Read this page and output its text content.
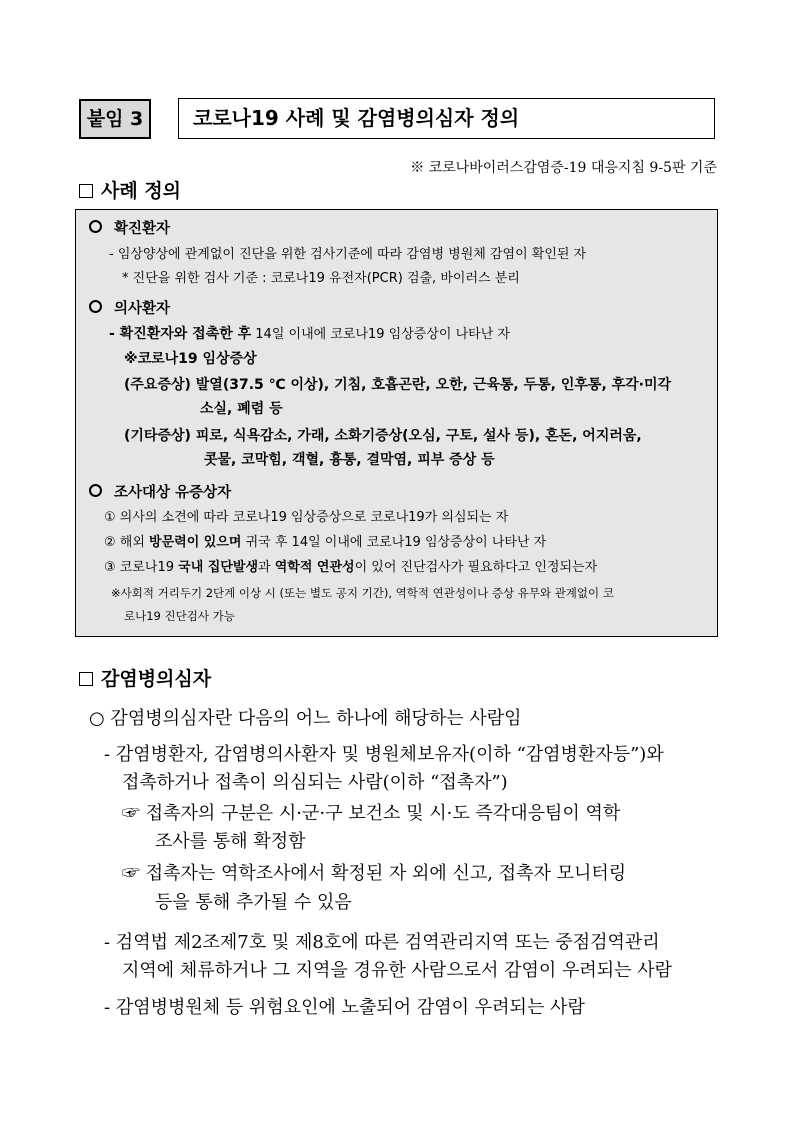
붙임 3	코로나19 사례 및 감염병의심자 정의
※ 코로나바이러스감염증-19 대응지침 9-5판 기준
사례 정의
확진환자
- 임상양상에 관계없이 진단을 위한 검사기준에 따라 감염병 병원체 감염이 확인된 자
* 진단을 위한 검사 기준 : 코로나19 유전자(PCR) 검출, 바이러스 분리
의사환자
- 확진환자와 접촉한 후 14일 이내에 코로나19 임상증상이 나타난 자
※코로나19 임상증상
(주요증상) 발열(37.5 ℃ 이상), 기침, 호흡곤란, 오한, 근육통, 두통, 인후통, 후각·미각
소실, 폐렴 등
(기타증상) 피로, 식욕감소, 가래, 소화기증상(오심, 구토, 설사 등), 혼돈, 어지러움,
콧물, 코막힘, 객혈, 흉통, 결막염, 피부 증상 등
조사대상 유증상자
① 의사의 소견에 따라 코로나19 임상증상으로 코로나19가 의심되는 자
② 해외 방문력이 있으며 귀국 후 14일 이내에 코로나19 임상증상이 나타난 자
③ 코로나19 국내 집단발생과 역학적 연관성이 있어 진단검사가 필요하다고 인정되는자
※사회적 거리두기 2단계 이상 시 (또는 별도 공지 기간), 역학적 연관성이나 증상 유무와 관계없이 코
로나19 진단검사 가능
감염병의심자
○ 감염병의심자란 다음의 어느 하나에 해당하는 사람임
- 감염병환자, 감염병의사환자 및 병원체보유자(이하 “감염병환자등”)와
접촉하거나 접촉이 의심되는 사람(이하 “접촉자”)
☞ 접촉자의 구분은 시·군·구 보건소 및 시·도 즉각대응팀이 역학
조사를 통해 확정함
☞ 접촉자는 역학조사에서 확정된 자 외에 신고, 접촉자 모니터링
등을 통해 추가될 수 있음
- 검역법 제2조제7호 및 제8호에 따른 검역관리지역 또는 중점검역관리
지역에 체류하거나 그 지역을 경유한 사람으로서 감염이 우려되는 사람
- 감염병병원체 등 위험요인에 노출되어 감염이 우려되는 사람
